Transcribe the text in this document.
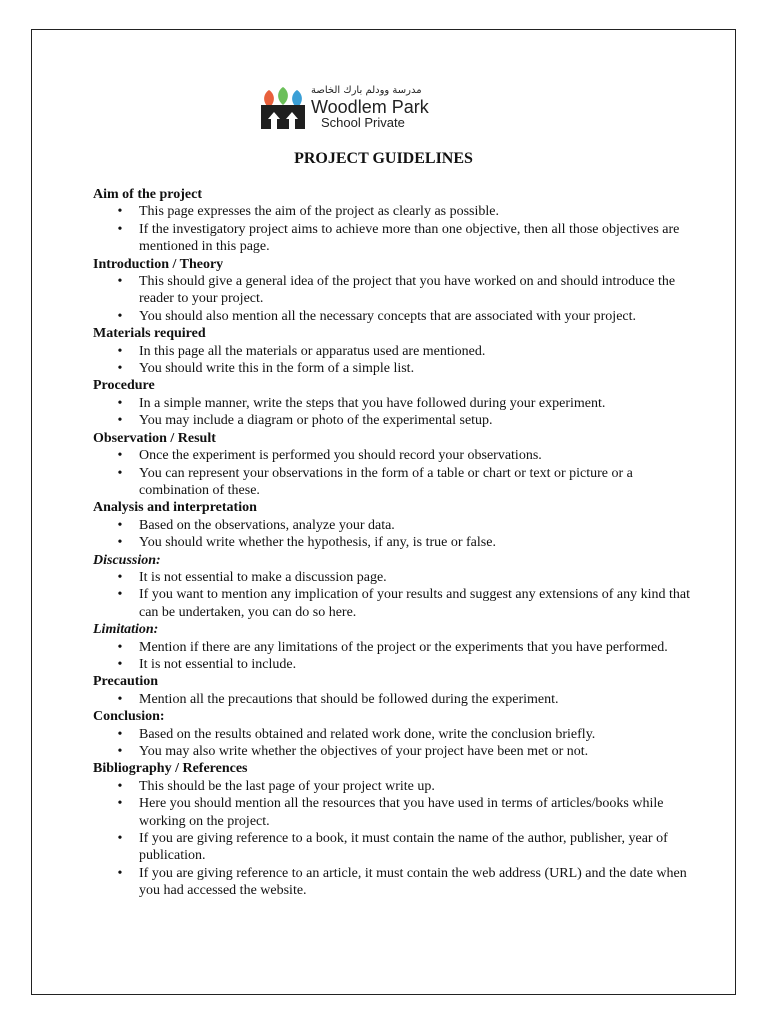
مدرسة وودلم بارك الخاصة
Woodlem Park
School Private
PROJECT GUIDELINES
Aim of the project
• This page expresses the aim of the project as clearly as possible.
• If the investigatory project aims to achieve more than one objective, then all those objectives are mentioned in this page.
Introduction / Theory
• This should give a general idea of the project that you have worked on and should introduce the reader to your project.
• You should also mention all the necessary concepts that are associated with your project.
Materials required
• In this page all the materials or apparatus used are mentioned.
• You should write this in the form of a simple list.
Procedure
• In a simple manner, write the steps that you have followed during your experiment.
• You may include a diagram or photo of the experimental setup.
Observation / Result
• Once the experiment is performed you should record your observations.
• You can represent your observations in the form of a table or chart or text or picture or a combination of these.
Analysis and interpretation
• Based on the observations, analyze your data.
• You should write whether the hypothesis, if any, is true or false.
Discussion:
• It is not essential to make a discussion page.
• If you want to mention any implication of your results and suggest any extensions of any kind that can be undertaken, you can do so here.
Limitation:
• Mention if there are any limitations of the project or the experiments that you have performed.
• It is not essential to include.
Precaution
• Mention all the precautions that should be followed during the experiment.
Conclusion:
• Based on the results obtained and related work done, write the conclusion briefly.
• You may also write whether the objectives of your project have been met or not.
Bibliography / References
• This should be the last page of your project write up.
• Here you should mention all the resources that you have used in terms of articles/books while working on the project.
• If you are giving reference to a book, it must contain the name of the author, publisher, year of publication.
• If you are giving reference to an article, it must contain the web address (URL) and the date when you had accessed the website.
